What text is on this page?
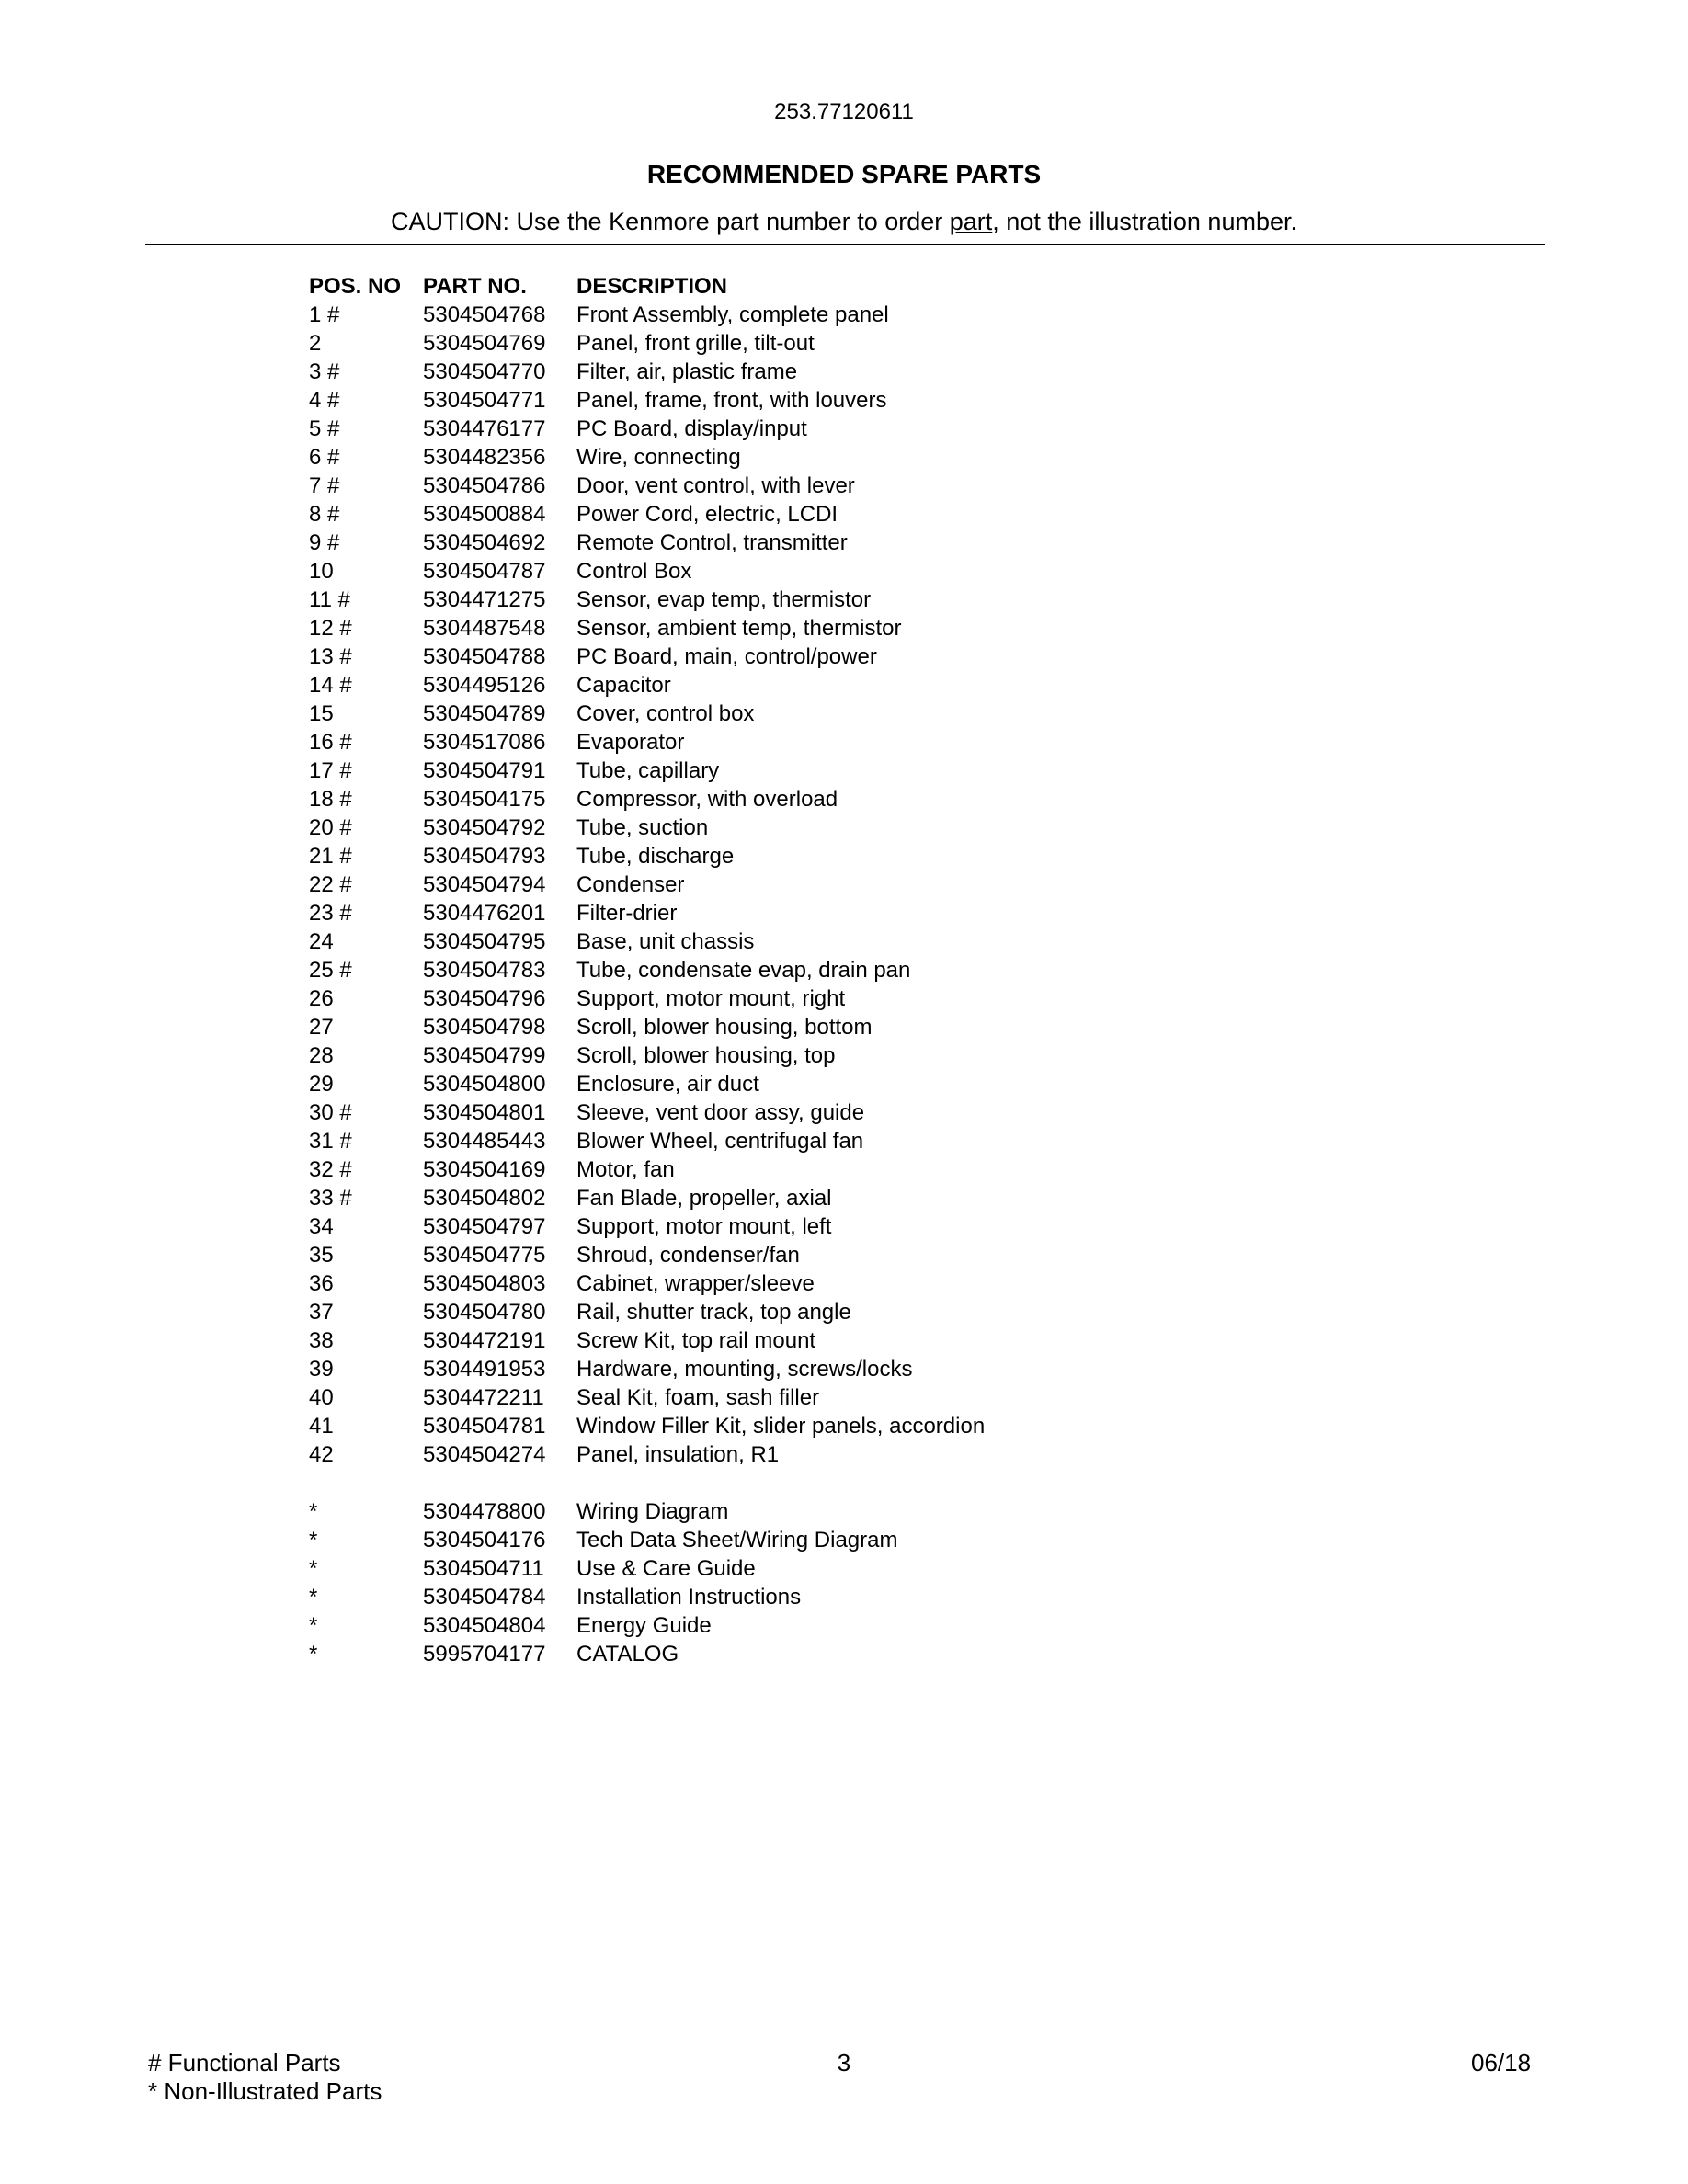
253.77120611
RECOMMENDED SPARE PARTS
CAUTION: Use the Kenmore part number to order part, not the illustration number.
POS. NO PART NO. DESCRIPTION
1 #	5304504768 Front Assembly, complete panel
2	5304504769 Panel, front grille, tilt-out
3 #	5304504770 Filter, air, plastic frame
4 #	5304504771 Panel, frame, front, with louvers
5 #	5304476177 PC Board, display/input
6 #	5304482356 Wire, connecting
7 #	5304504786 Door, vent control, with lever
8 #	5304500884 Power Cord, electric, LCDI
9 #	5304504692 Remote Control, transmitter
10	5304504787 Control Box
11 #	5304471275 Sensor, evap temp, thermistor
12 #	5304487548 Sensor, ambient temp, thermistor
13 #	5304504788 PC Board, main, control/power
14 #	5304495126 Capacitor
15	5304504789 Cover, control box
16 #	5304517086 Evaporator
17 #	5304504791 Tube, capillary
18 #	5304504175 Compressor, with overload
20 #	5304504792 Tube, suction
21 #	5304504793 Tube, discharge
22 #	5304504794 Condenser
23 #	5304476201 Filter-drier
24	5304504795 Base, unit chassis
25 #	5304504783 Tube, condensate evap, drain pan
26	5304504796 Support, motor mount, right
27	5304504798 Scroll, blower housing, bottom
28	5304504799 Scroll, blower housing, top
29	5304504800 Enclosure, air duct
30 #	5304504801 Sleeve, vent door assy, guide
31 #	5304485443 Blower Wheel, centrifugal fan
32 #	5304504169 Motor, fan
33 #	5304504802 Fan Blade, propeller, axial
34	5304504797 Support, motor mount, left
35	5304504775 Shroud, condenser/fan
36	5304504803 Cabinet, wrapper/sleeve
37	5304504780 Rail, shutter track, top angle
38	5304472191 Screw Kit, top rail mount
39	5304491953 Hardware, mounting, screws/locks
40	5304472211 Seal Kit, foam, sash filler
41	5304504781 Window Filler Kit, slider panels, accordion
42	5304504274 Panel, insulation, R1
*	5304478800 Wiring Diagram
*	5304504176 Tech Data Sheet/Wiring Diagram
*	5304504711 Use & Care Guide
*	5304504784 Installation Instructions
*	5304504804 Energy Guide
*	5995704177 CATALOG
# Functional Parts
* Non-Illustrated Parts
3	06/18
